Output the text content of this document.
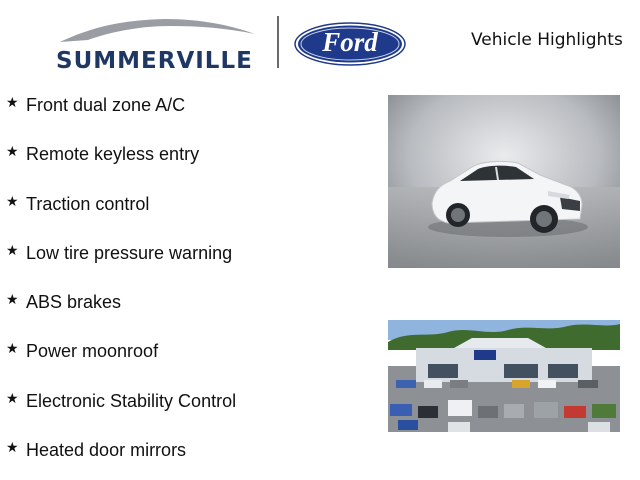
SUMMERVILLE
Ford	Vehicle Highlights
★ Front dual zone A/C
★ Remote keyless entry
★ Traction control
★ Low tire pressure warning
★ ABS brakes
★ Power moonroof
★ Electronic Stability Control
★ Heated door mirrors
